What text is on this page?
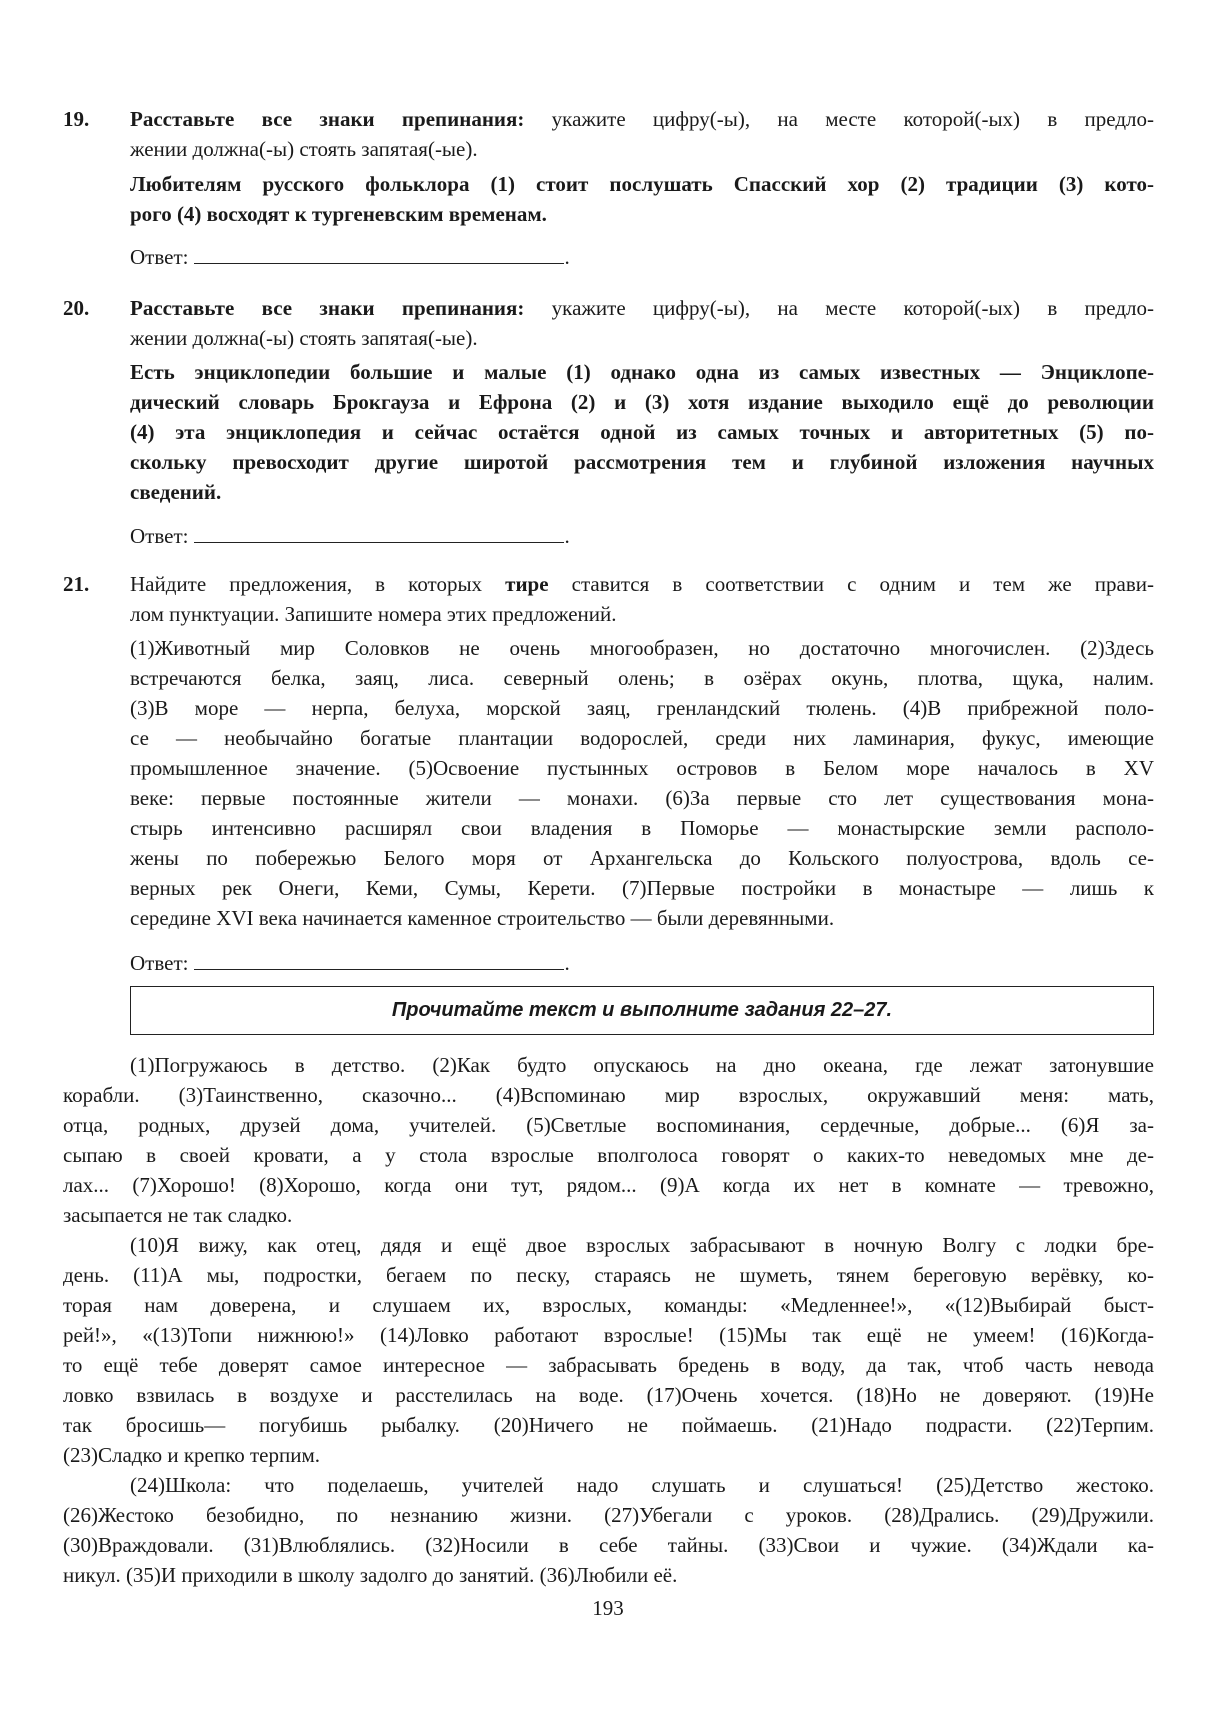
Прочитайте текст и выполните задания 22–27.
193
19. Расставьте все знаки препинания: укажите цифру(-ы), на месте которой(-ых) в предло-
жении должна(-ы) стоять запятая(-ые).
Любителям русского фольклора (1) стоит послушать Спасский хор (2) традиции (3) кото-
рого (4) восходят к тургеневским временам.
Ответ:	.
20. Расставьте все знаки препинания: укажите цифру(-ы), на месте которой(-ых) в предло-
жении должна(-ы) стоять запятая(-ые).
Есть энциклопедии большие и малые (1) однако одна из самых известных — Энциклопе-
дический словарь Брокгауза и Ефрона (2) и (3) хотя издание выходило ещё до революции
(4) эта энциклопедия и сейчас остаётся одной из самых точных и авторитетных (5) по-
скольку превосходит другие широтой рассмотрения тем и глубиной изложения научных
сведений.
Ответ:	.
21. Найдите предложения, в которых тире ставится в соответствии с одним и тем же прави-
лом пунктуации. Запишите номера этих предложений.
(1)Животный мир Соловков не очень многообразен, но достаточно многочислен. (2)Здесь
встречаются белка, заяц, лиса. северный олень; в озёрах окунь, плотва, щука, налим.
(3)В море — нерпа, белуха, морской заяц, гренландский тюлень. (4)В прибрежной поло-
се — необычайно богатые плантации водорослей, среди них ламинария, фукус, имеющие
промышленное значение. (5)Освоение пустынных островов в Белом море началось в XV
веке: первые постоянные жители — монахи. (6)За первые сто лет существования мона-
стырь интенсивно расширял свои владения в Поморье — монастырские земли располо-
жены по побережью Белого моря от Архангельска до Кольского полуострова, вдоль се-
верных рек Онеги, Кеми, Сумы, Керети. (7)Первые постройки в монастыре — лишь к
середине XVI века начинается каменное строительство — были деревянными.
Ответ:	.
(1)Погружаюсь в детство. (2)Как будто опускаюсь на дно океана, где лежат затонувшие
корабли. (3)Таинственно, сказочно... (4)Вспоминаю мир взрослых, окружавший меня: мать,
отца, родных, друзей дома, учителей. (5)Светлые воспоминания, сердечные, добрые... (6)Я за-
сыпаю в своей кровати, а у стола взрослые вполголоса говорят о каких-то неведомых мне де-
лах... (7)Хорошо! (8)Хорошо, когда они тут, рядом... (9)А когда их нет в комнате — тревожно,
засыпается не так сладко.
(10)Я вижу, как отец, дядя и ещё двое взрослых забрасывают в ночную Волгу с лодки бре-
день. (11)А мы, подростки, бегаем по песку, стараясь не шуметь, тянем береговую верёвку, ко-
торая нам доверена, и слушаем их, взрослых, команды: «Медленнее!», «(12)Выбирай быст-
рей!», «(13)Топи нижнюю!» (14)Ловко работают взрослые! (15)Мы так ещё не умеем! (16)Когда-
то ещё тебе доверят самое интересное — забрасывать бредень в воду, да так, чтоб часть невода
ловко взвилась в воздухе и расстелилась на воде. (17)Очень хочется. (18)Но не доверяют. (19)Не
так бросишь— погубишь рыбалку. (20)Ничего не поймаешь. (21)Надо подрасти. (22)Терпим.
(23)Сладко и крепко терпим.
(24)Школа: что поделаешь, учителей надо слушать и слушаться! (25)Детство жестоко.
(26)Жестоко безобидно, по незнанию жизни. (27)Убегали с уроков. (28)Дрались. (29)Дружили.
(30)Враждовали. (31)Влюблялись. (32)Носили в себе тайны. (33)Свои и чужие. (34)Ждали ка-
никул. (35)И приходили в школу задолго до занятий. (36)Любили её.
